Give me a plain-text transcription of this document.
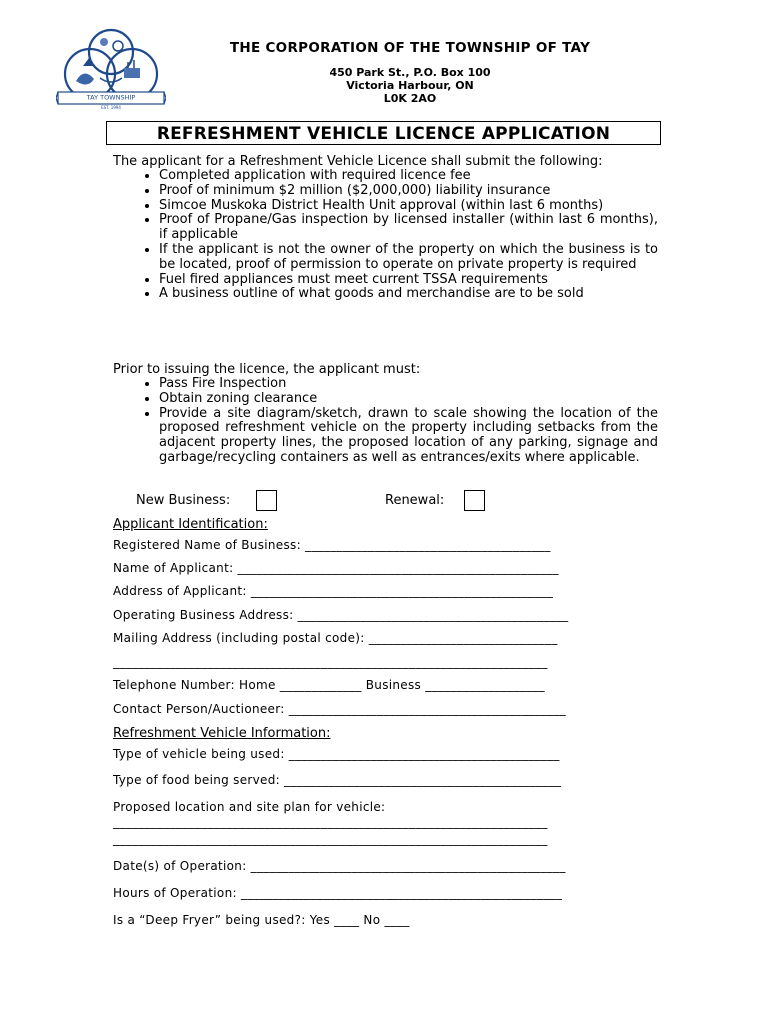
TAY TOWNSHIP
EST. 1994
THE CORPORATION OF THE TOWNSHIP OF TAY
450 Park St., P.O. Box 100
Victoria Harbour, ON
L0K 2AO
REFRESHMENT VEHICLE LICENCE APPLICATION
The applicant for a Refreshment Vehicle Licence shall submit the following:
• Completed application with required licence fee
• Proof of minimum $2 million ($2,000,000) liability insurance
• Simcoe Muskoka District Health Unit approval (within last 6 months)
• Proof of Propane/Gas inspection by licensed installer (within last 6 months), if applicable
• If the applicant is not the owner of the property on which the business is to be located, proof of permission to operate on private property is required
• Fuel fired appliances must meet current TSSA requirements
• A business outline of what goods and merchandise are to be sold
Prior to issuing the licence, the applicant must:
• Pass Fire Inspection
• Obtain zoning clearance
• Provide a site diagram/sketch, drawn to scale showing the location of the proposed refreshment vehicle on the property including setbacks from the adjacent property lines, the proposed location of any parking, signage and garbage/recycling containers as well as entrances/exits where applicable.
New Business:	Renewal:
Applicant Identification:
Registered Name of Business: _______________________________________
Name of Applicant: ___________________________________________________
Address of Applicant: ________________________________________________
Operating Business Address: ___________________________________________
Mailing Address (including postal code): ______________________________
_____________________________________________________________________
Telephone Number: Home _____________ Business ___________________
Contact Person/Auctioneer: ____________________________________________
Refreshment Vehicle Information:
Type of vehicle being used: ___________________________________________
Type of food being served: ____________________________________________
Proposed location and site plan for vehicle:
_____________________________________________________________________
_____________________________________________________________________
Date(s) of Operation: __________________________________________________
Hours of Operation: ___________________________________________________
Is a “Deep Fryer” being used?: Yes ____ No ____
